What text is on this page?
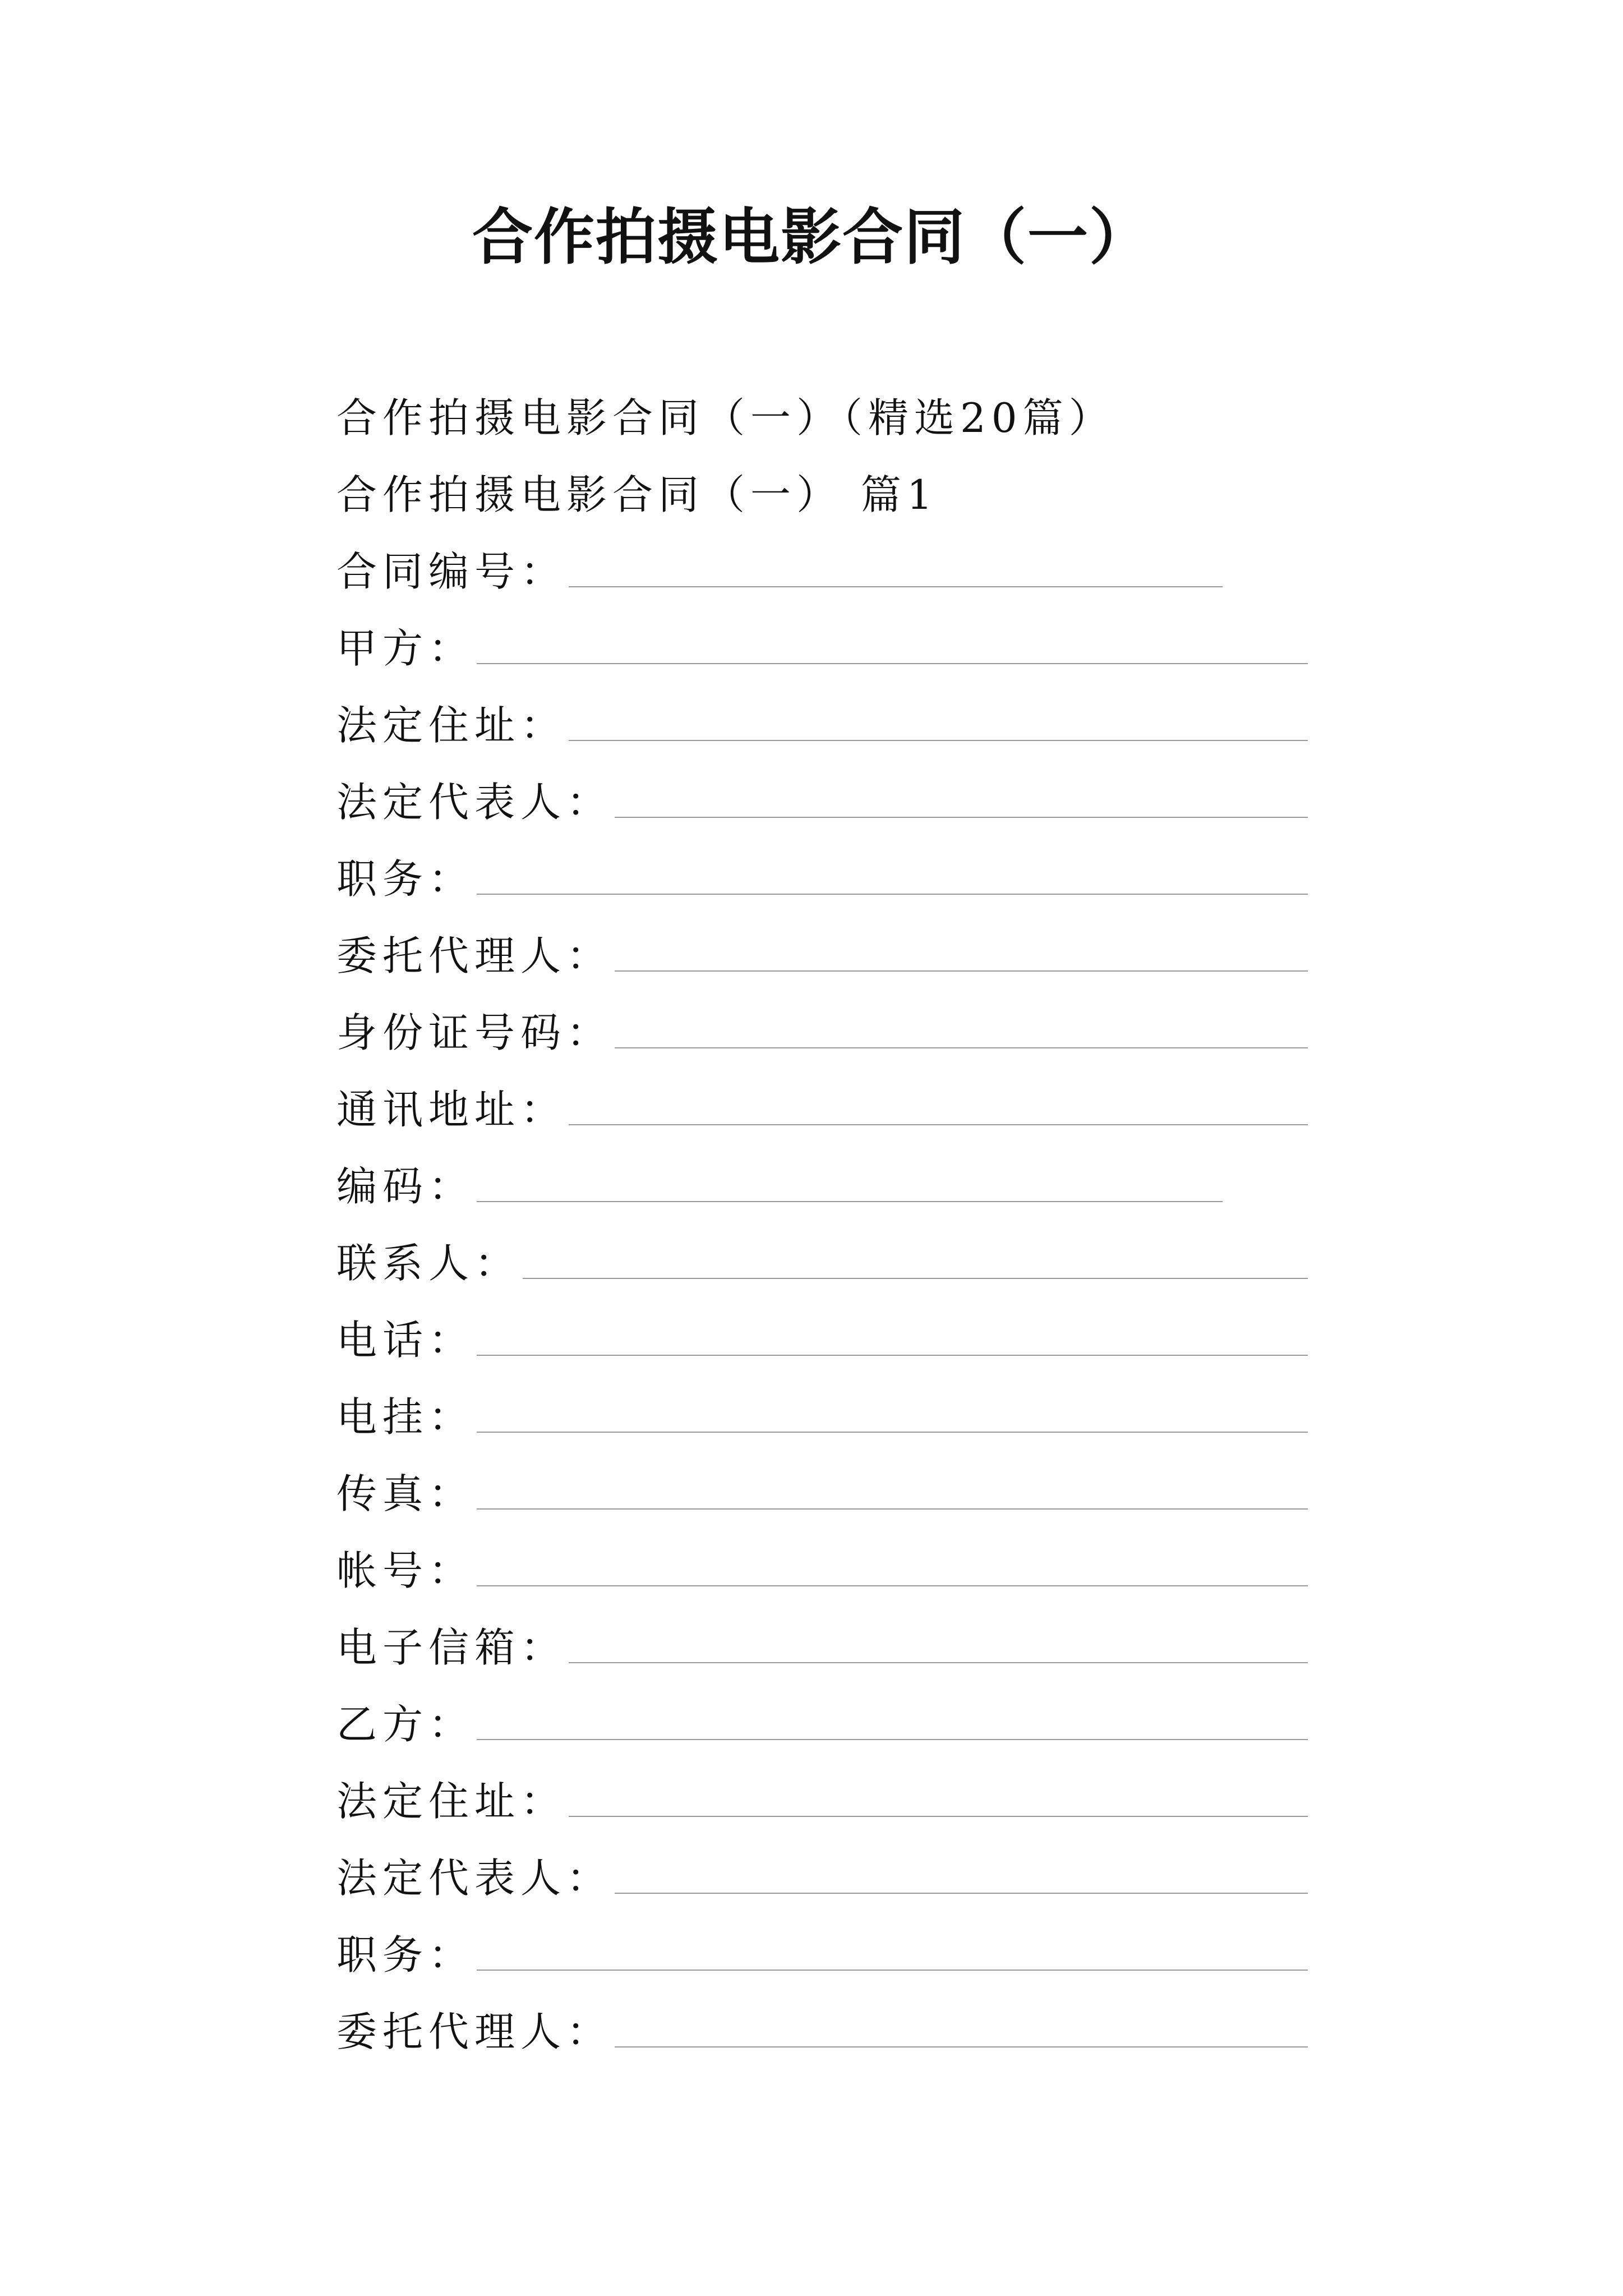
合作拍摄电影合同（一）
合作拍摄电影合同（一）（精选20篇）
合作拍摄电影合同（一） 篇1
合同编号：
甲方：
法定住址：
法定代表人：
职务：
委托代理人：
身份证号码：
通讯地址：
编码：
联系人：
电话：
电挂：
传真：
帐号：
电子信箱：
乙方：
法定住址：
法定代表人：
职务：
委托代理人：
